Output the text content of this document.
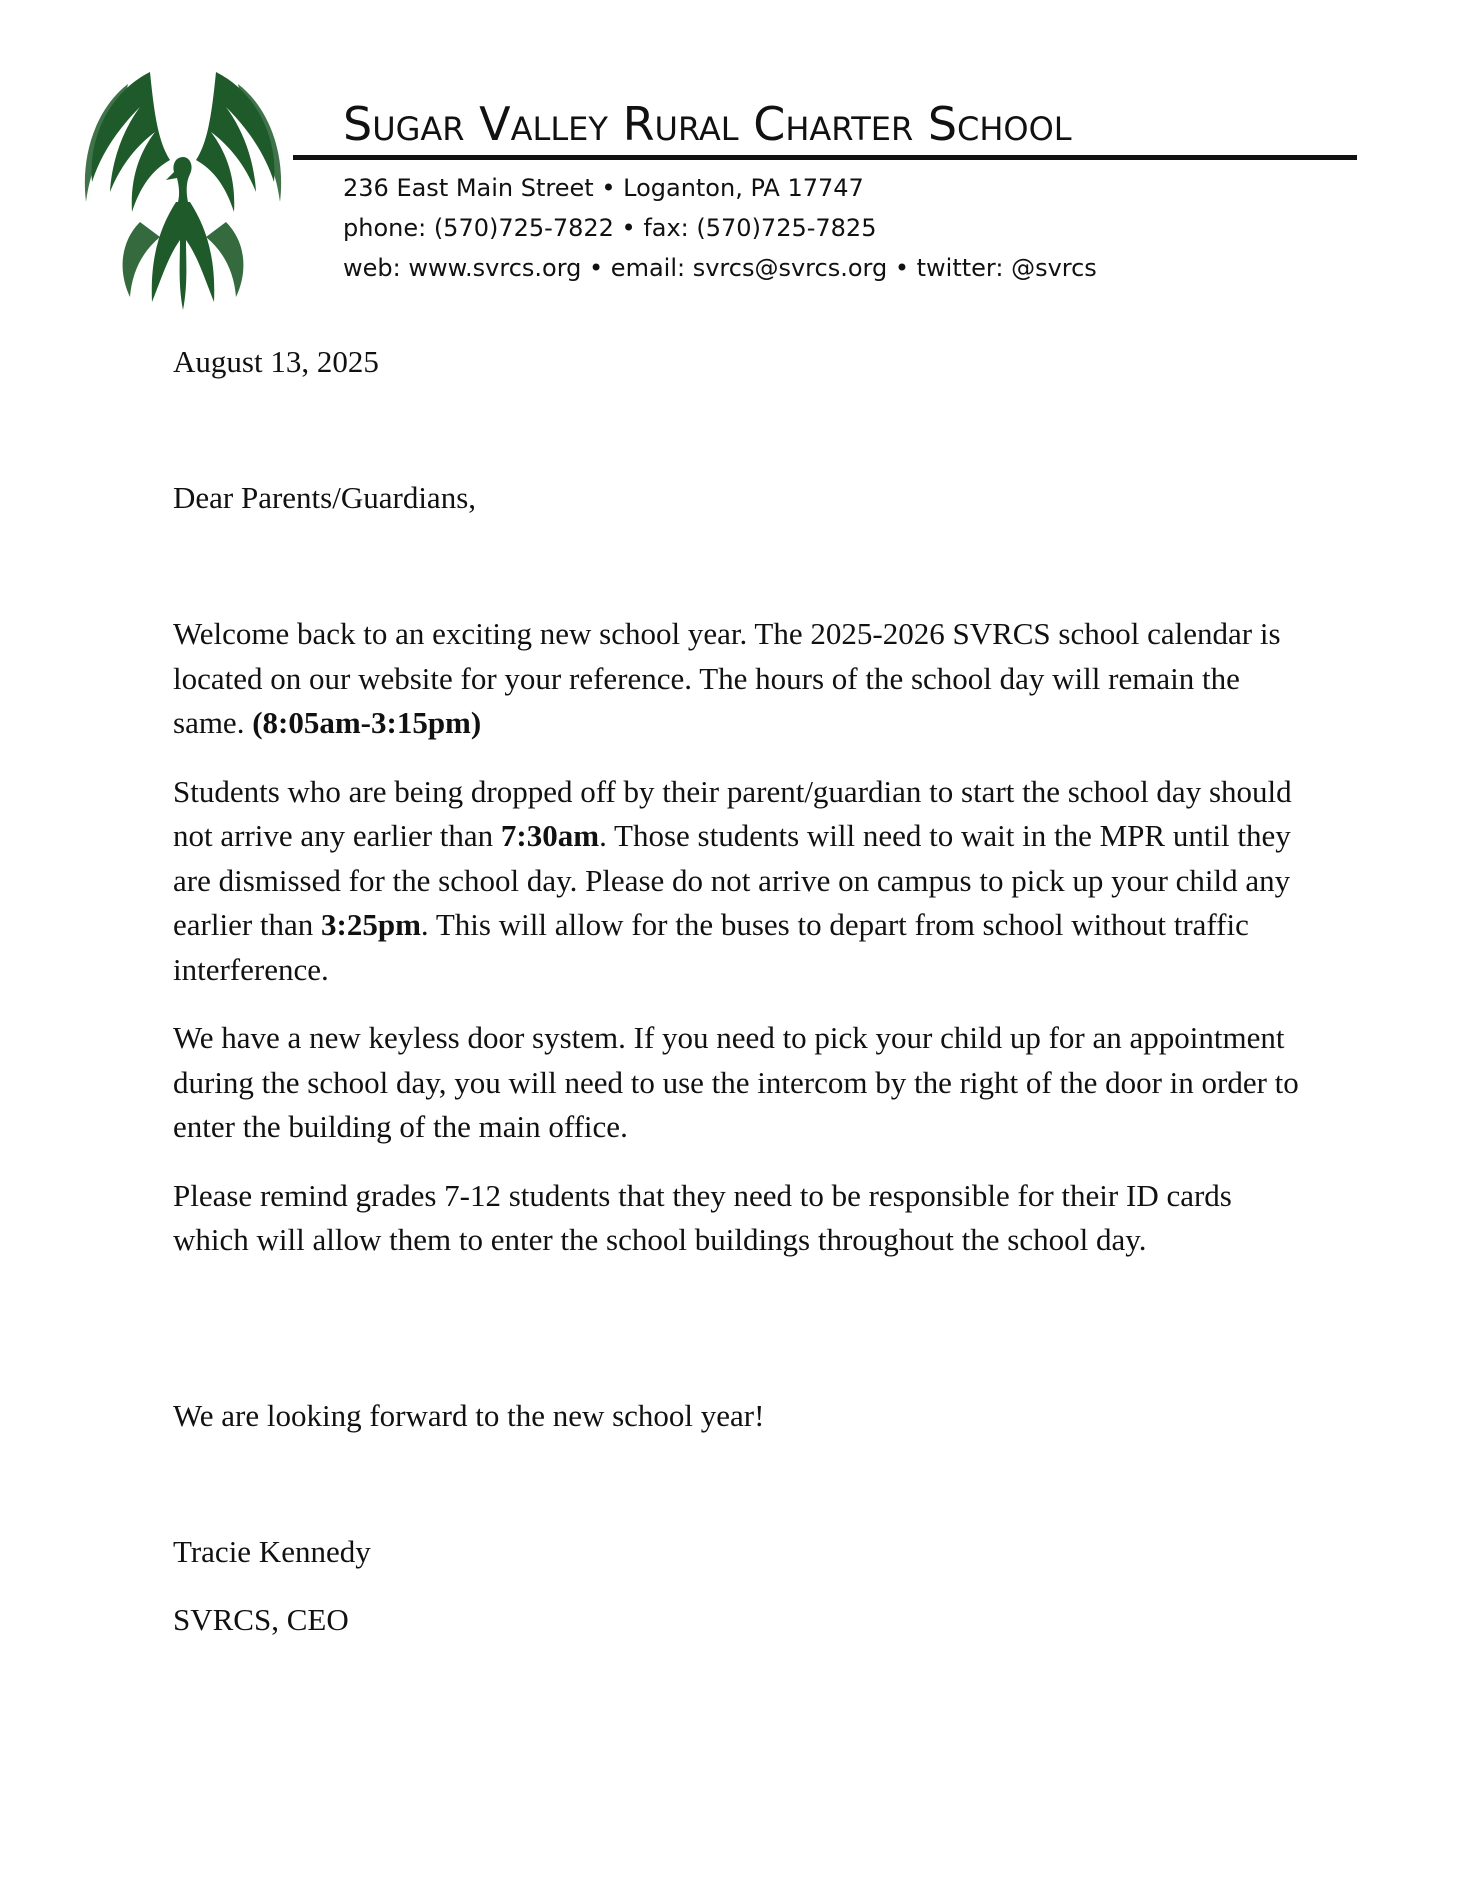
Sugar Valley Rural Charter School
236 East Main Street • Loganton, PA 17747
phone: (570)725-7822 • fax: (570)725-7825
web: www.svrcs.org • email: svrcs@svrcs.org • twitter: @svrcs

August 13, 2025

Dear Parents/Guardians,

Welcome back to an exciting new school year. The 2025-2026 SVRCS school calendar is located on our website for your reference. The hours of the school day will remain the same. (8:05am-3:15pm)

Students who are being dropped off by their parent/guardian to start the school day should not arrive any earlier than 7:30am. Those students will need to wait in the MPR until they are dismissed for the school day. Please do not arrive on campus to pick up your child any earlier than 3:25pm. This will allow for the buses to depart from school without traffic interference.

We have a new keyless door system. If you need to pick your child up for an appointment during the school day, you will need to use the intercom by the right of the door in order to enter the building of the main office.

Please remind grades 7-12 students that they need to be responsible for their ID cards which will allow them to enter the school buildings throughout the school day.

We are looking forward to the new school year!

Tracie Kennedy

SVRCS, CEO
